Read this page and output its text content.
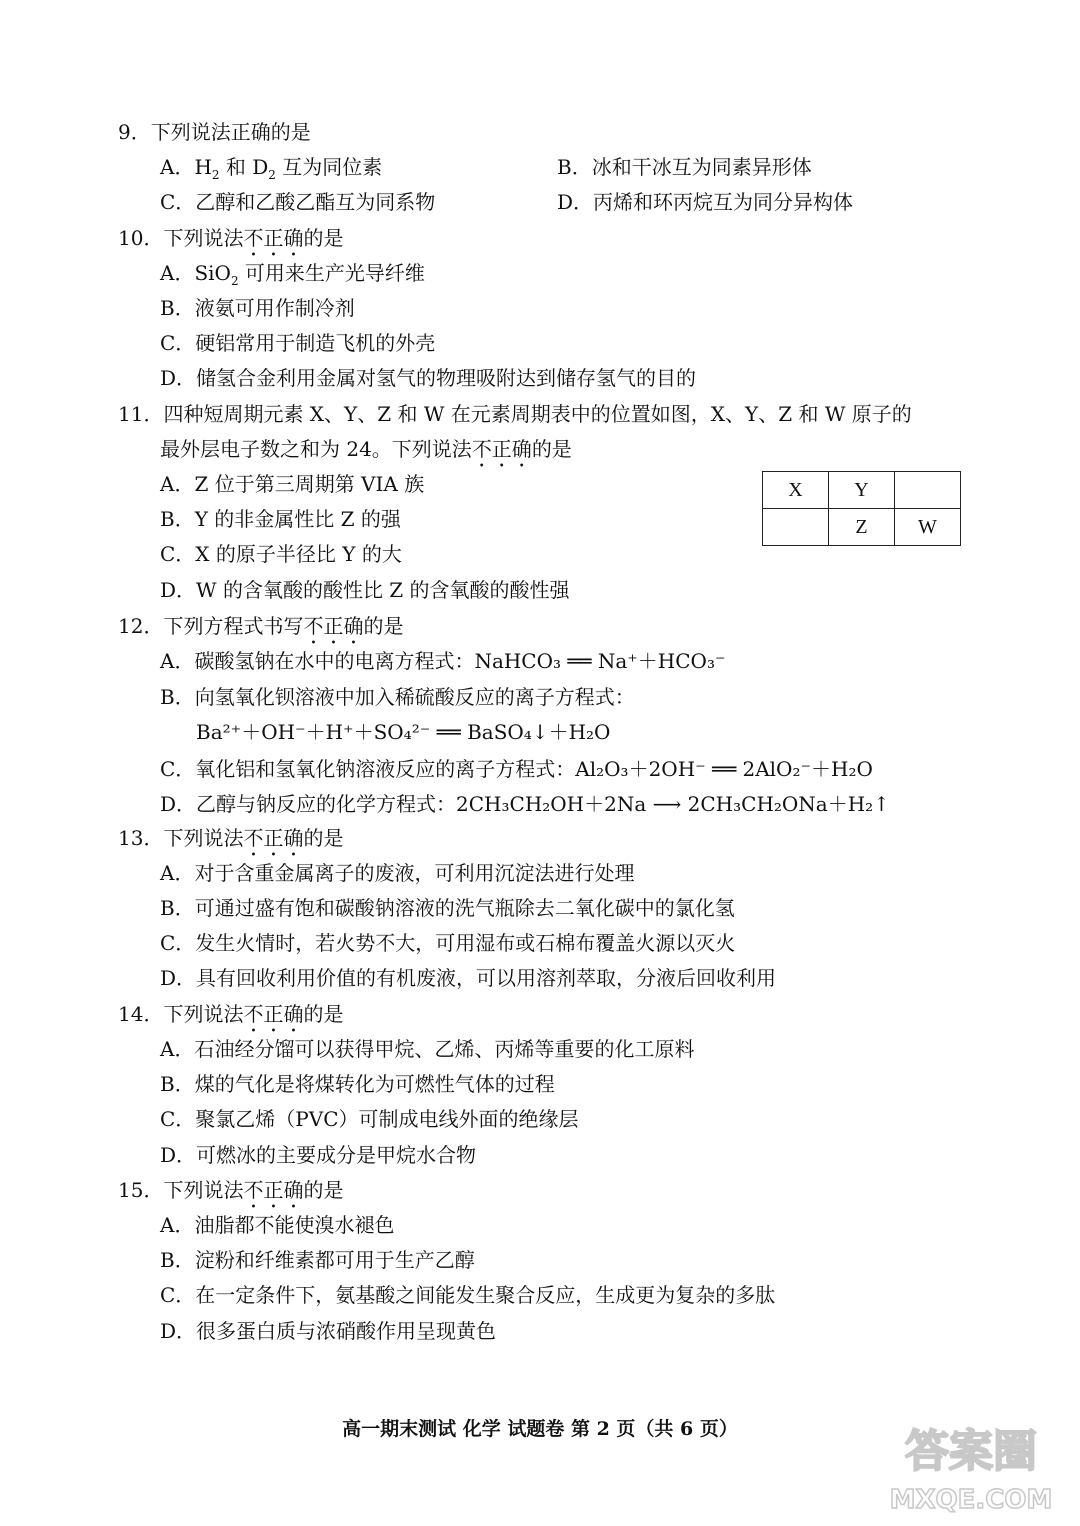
9．下列说法正确的是
A．$H_2$ 和 $D_2$ 互为同位素	B．冰和干冰互为同素异形体
C．乙醇和乙酸乙酯互为同系物	D．丙烯和环丙烷互为同分异构体
10．下列说法不正确的是
A．SiO$_2$ 可用来生产光导纤维
B．液氨可用作制冷剂
C．硬铝常用于制造飞机的外壳
D．储氢合金利用金属对氢气的物理吸附达到储存氢气的目的
11．四种短周期元素 X、Y、Z 和 W 在元素周期表中的位置如图，X、Y、Z 和 W 原子的
最外层电子数之和为 24。下列说法不正确的是
A．Z 位于第三周期第 VIA 族
B．Y 的非金属性比 Z 的强
C．X 的原子半径比 Y 的大
D．W 的含氧酸的酸性比 Z 的含氧酸的酸性强
X	Y	
	Z	W
12．下列方程式书写不正确的是
A．碳酸氢钠在水中的电离方程式：NaHCO₃ ══ Na⁺＋HCO₃⁻
B．向氢氧化钡溶液中加入稀硫酸反应的离子方程式：
Ba²⁺＋OH⁻＋H⁺＋SO₄²⁻ ══ BaSO₄↓＋H₂O
C．氧化铝和氢氧化钠溶液反应的离子方程式：Al₂O₃＋2OH⁻ ══ 2AlO₂⁻＋H₂O
D．乙醇与钠反应的化学方程式：2CH₃CH₂OH＋2Na ⟶ 2CH₃CH₂ONa＋H₂↑
13．下列说法不正确的是
A．对于含重金属离子的废液，可利用沉淀法进行处理
B．可通过盛有饱和碳酸钠溶液的洗气瓶除去二氧化碳中的氯化氢
C．发生火情时，若火势不大，可用湿布或石棉布覆盖火源以灭火
D．具有回收利用价值的有机废液，可以用溶剂萃取，分液后回收利用
14．下列说法不正确的是
A．石油经分馏可以获得甲烷、乙烯、丙烯等重要的化工原料
B．煤的气化是将煤转化为可燃性气体的过程
C．聚氯乙烯（PVC）可制成电线外面的绝缘层
D．可燃冰的主要成分是甲烷水合物
15．下列说法不正确的是
A．油脂都不能使溴水褪色
B．淀粉和纤维素都可用于生产乙醇
C．在一定条件下，氨基酸之间能发生聚合反应，生成更为复杂的多肽
D．很多蛋白质与浓硝酸作用呈现黄色
高一期末测试 化学 试题卷 第 2 页（共 6 页）	答案圈
MXQE.COM
